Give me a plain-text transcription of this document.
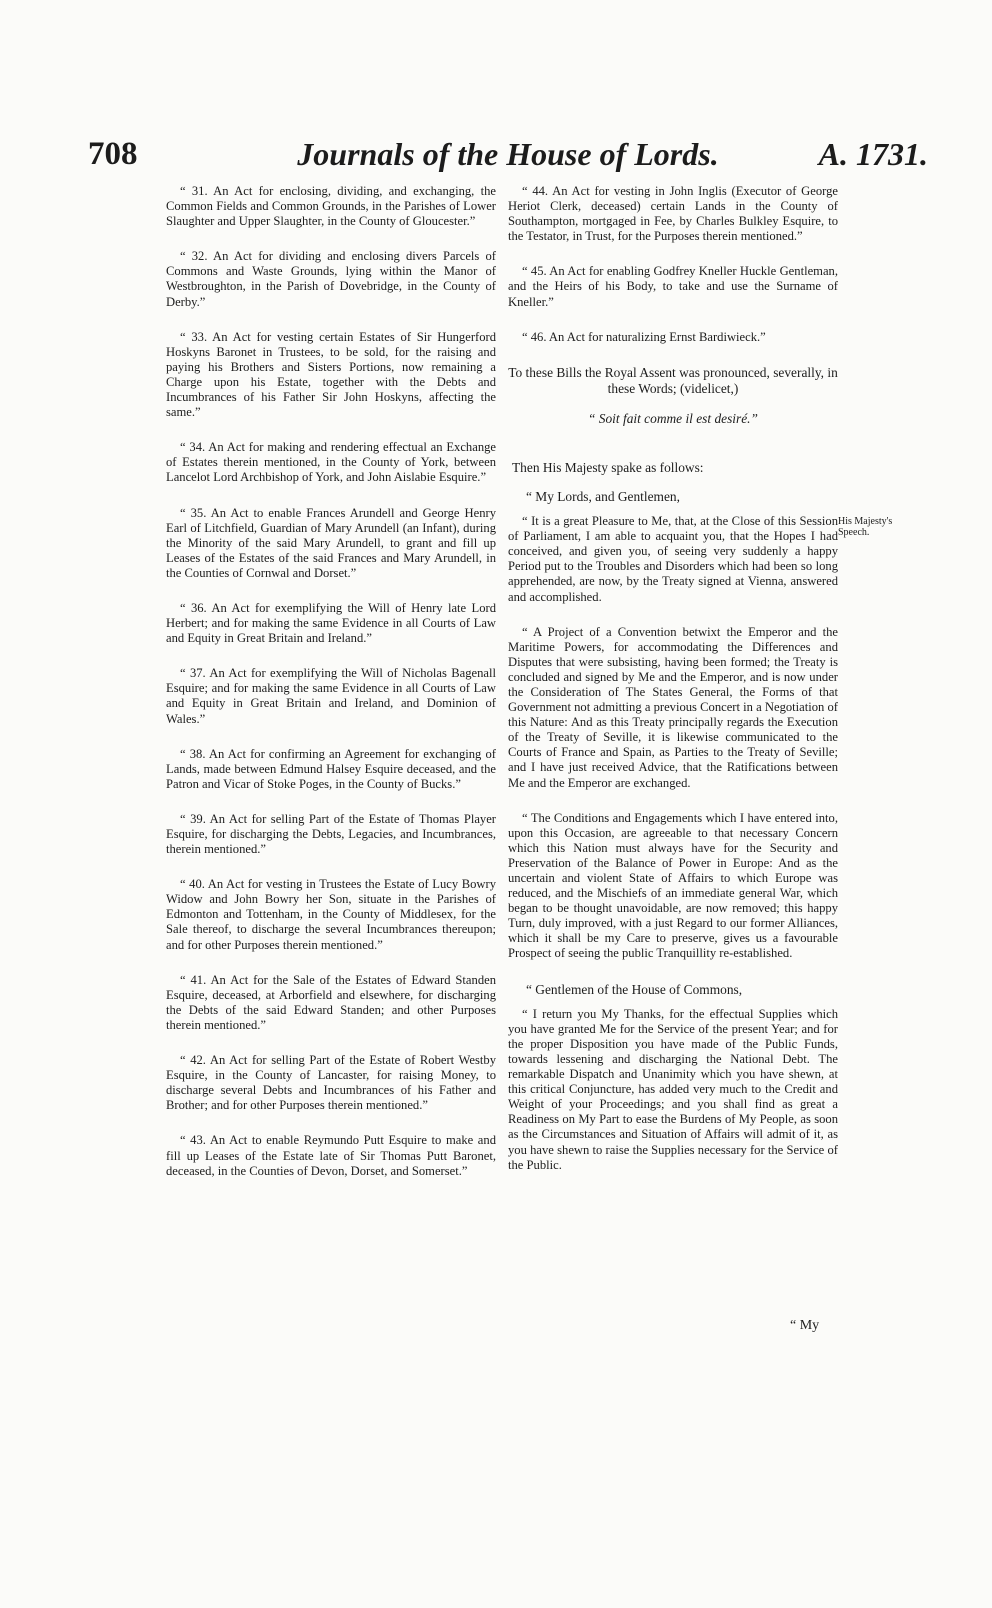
708	Journals of the House of Lords.	A. 1731.

“ 31. An Act for enclosing, dividing, and exchanging, the Common Fields and Common Grounds, in the Parishes of Lower Slaughter and Upper Slaughter, in the County of Gloucester.”

“ 32. An Act for dividing and enclosing divers Parcels of Commons and Waste Grounds, lying within the Manor of Westbroughton, in the Parish of Dovebridge, in the County of Derby.”

“ 33. An Act for vesting certain Estates of Sir Hungerford Hoskyns Baronet in Trustees, to be sold, for the raising and paying his Brothers and Sisters Portions, now remaining a Charge upon his Estate, together with the Debts and Incumbrances of his Father Sir John Hoskyns, affecting the same.”

“ 34. An Act for making and rendering effectual an Exchange of Estates therein mentioned, in the County of York, between Lancelot Lord Archbishop of York, and John Aislabie Esquire.”

“ 35. An Act to enable Frances Arundell and George Henry Earl of Litchfield, Guardian of Mary Arundell (an Infant), during the Minority of the said Mary Arundell, to grant and fill up Leases of the Estates of the said Frances and Mary Arundell, in the Counties of Cornwal and Dorset.”

“ 36. An Act for exemplifying the Will of Henry late Lord Herbert; and for making the same Evidence in all Courts of Law and Equity in Great Britain and Ireland.”

“ 37. An Act for exemplifying the Will of Nicholas Bagenall Esquire; and for making the same Evidence in all Courts of Law and Equity in Great Britain and Ireland, and Dominion of Wales.”

“ 38. An Act for confirming an Agreement for exchanging of Lands, made between Edmund Halsey Esquire deceased, and the Patron and Vicar of Stoke Poges, in the County of Bucks.”

“ 39. An Act for selling Part of the Estate of Thomas Player Esquire, for discharging the Debts, Legacies, and Incumbrances, therein mentioned.”

“ 40. An Act for vesting in Trustees the Estate of Lucy Bowry Widow and John Bowry her Son, situate in the Parishes of Edmonton and Tottenham, in the County of Middlesex, for the Sale thereof, to discharge the several Incumbrances thereupon; and for other Purposes therein mentioned.”

“ 41. An Act for the Sale of the Estates of Edward Standen Esquire, deceased, at Arborfield and elsewhere, for discharging the Debts of the said Edward Standen; and other Purposes therein mentioned.”

“ 42. An Act for selling Part of the Estate of Robert Westby Esquire, in the County of Lancaster, for raising Money, to discharge several Debts and Incumbrances of his Father and Brother; and for other Purposes therein mentioned.”

“ 43. An Act to enable Reymundo Putt Esquire to make and fill up Leases of the Estate late of Sir Thomas Putt Baronet, deceased, in the Counties of Devon, Dorset, and Somerset.”

“ 44. An Act for vesting in John Inglis (Executor of George Heriot Clerk, deceased) certain Lands in the County of Southampton, mortgaged in Fee, by Charles Bulkley Esquire, to the Testator, in Trust, for the Purposes therein mentioned.”

“ 45. An Act for enabling Godfrey Kneller Huckle Gentleman, and the Heirs of his Body, to take and use the Surname of Kneller.”

“ 46. An Act for naturalizing Ernst Bardiwieck.”

To these Bills the Royal Assent was pronounced, severally, in these Words; (videlicet,)

“ Soit fait comme il est desiré.”

Then His Majesty spake as follows:

“ My Lords, and Gentlemen,

“ It is a great Pleasure to Me, that, at the Close of this Session of Parliament, I am able to acquaint you, that the Hopes I had conceived, and given you, of seeing very suddenly a happy Period put to the Troubles and Disorders which had been so long apprehended, are now, by the Treaty signed at Vienna, answered and accomplished.

“ A Project of a Convention betwixt the Emperor and the Maritime Powers, for accommodating the Differences and Disputes that were subsisting, having been formed; the Treaty is concluded and signed by Me and the Emperor, and is now under the Consideration of The States General, the Forms of that Government not admitting a previous Concert in a Negotiation of this Nature: And as this Treaty principally regards the Execution of the Treaty of Seville, it is likewise communicated to the Courts of France and Spain, as Parties to the Treaty of Seville; and I have just received Advice, that the Ratifications between Me and the Emperor are exchanged.

“ The Conditions and Engagements which I have entered into, upon this Occasion, are agreeable to that necessary Concern which this Nation must always have for the Security and Preservation of the Balance of Power in Europe: And as the uncertain and violent State of Affairs to which Europe was reduced, and the Mischiefs of an immediate general War, which began to be thought unavoidable, are now removed; this happy Turn, duly improved, with a just Regard to our former Alliances, which it shall be my Care to preserve, gives us a favourable Prospect of seeing the public Tranquillity re-established.

“ Gentlemen of the House of Commons,

“ I return you My Thanks, for the effectual Supplies which you have granted Me for the Service of the present Year; and for the proper Disposition you have made of the Public Funds, towards lessening and discharging the National Debt. The remarkable Dispatch and Unanimity which you have shewn, at this critical Conjuncture, has added very much to the Credit and Weight of your Proceedings; and you shall find as great a Readiness on My Part to ease the Burdens of My People, as soon as the Circumstances and Situation of Affairs will admit of it, as you have shewn to raise the Supplies necessary for the Service of the Public.

His Majesty's Speech.
“ My
